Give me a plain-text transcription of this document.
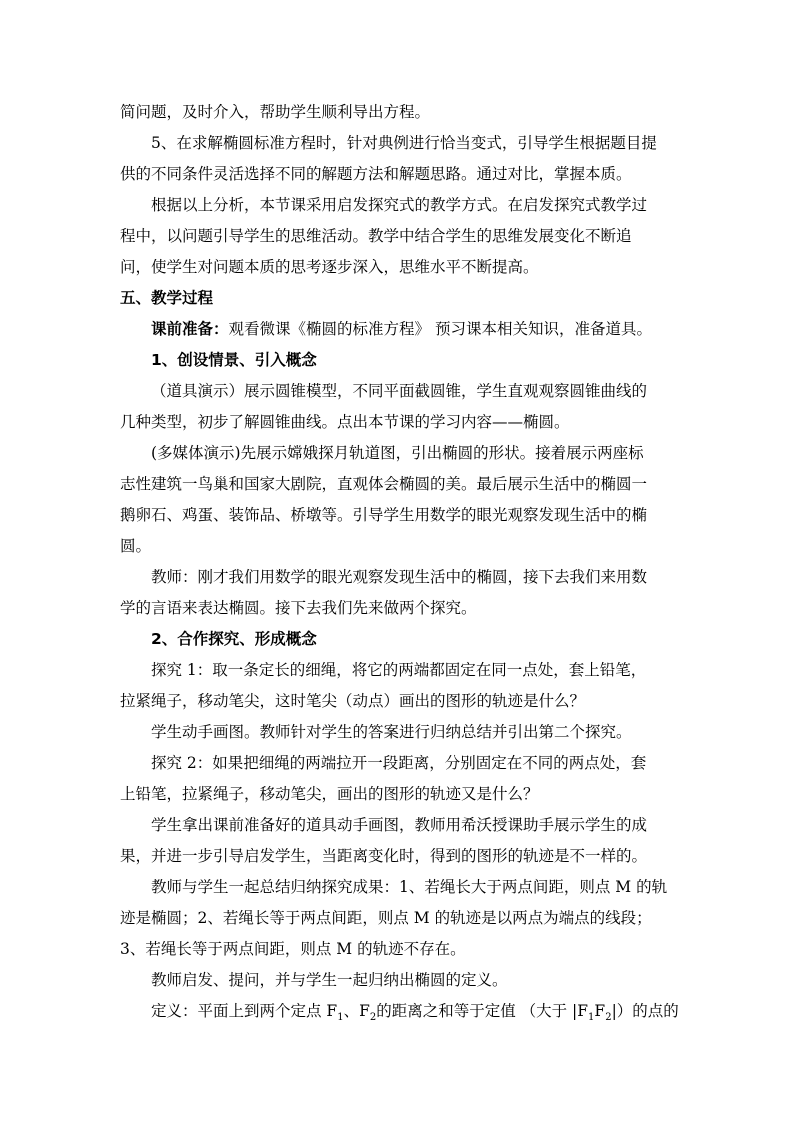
简问题，及时介入，帮助学生顺利导出方程。
5、在求解椭圆标准方程时，针对典例进行恰当变式，引导学生根据题目提
供的不同条件灵活选择不同的解题方法和解题思路。通过对比，掌握本质。
根据以上分析，本节课采用启发探究式的教学方式。在启发探究式教学过
程中，以问题引导学生的思维活动。教学中结合学生的思维发展变化不断追
问，使学生对问题本质的思考逐步深入，思维水平不断提高。
五、教学过程
课前准备：观看微课《椭圆的标准方程》 预习课本相关知识，准备道具。
1、创设情景、引入概念
（道具演示）展示圆锥模型，不同平面截圆锥，学生直观观察圆锥曲线的
几种类型，初步了解圆锥曲线。点出本节课的学习内容——椭圆。
(多媒体演示)先展示嫦娥探月轨道图，引出椭圆的形状。接着展示两座标
志性建筑一鸟巢和国家大剧院，直观体会椭圆的美。最后展示生活中的椭圆一
鹅卵石、鸡蛋、装饰品、桥墩等。引导学生用数学的眼光观察发现生活中的椭
圆。
教师：刚才我们用数学的眼光观察发现生活中的椭圆，接下去我们来用数
学的言语来表达椭圆。接下去我们先来做两个探究。
2、合作探究、形成概念
探究 1：取一条定长的细绳，将它的两端都固定在同一点处，套上铅笔，
拉紧绳子，移动笔尖，这时笔尖（动点）画出的图形的轨迹是什么？
学生动手画图。教师针对学生的答案进行归纳总结并引出第二个探究。
探究 2：如果把细绳的两端拉开一段距离，分别固定在不同的两点处，套
上铅笔，拉紧绳子，移动笔尖，画出的图形的轨迹又是什么？
学生拿出课前准备好的道具动手画图，教师用希沃授课助手展示学生的成
果，并进一步引导启发学生，当距离变化时，得到的图形的轨迹是不一样的。
教师与学生一起总结归纳探究成果：1、若绳长大于两点间距，则点 M 的轨
迹是椭圆；2、若绳长等于两点间距，则点 M 的轨迹是以两点为端点的线段；
3、若绳长等于两点间距，则点 M 的轨迹不存在。
教师启发、提问，并与学生一起归纳出椭圆的定义。
定义：平面上到两个定点 $F_1$、$F_2$的距离之和等于定值 （大于 $|F_1F_2|$）的点的
